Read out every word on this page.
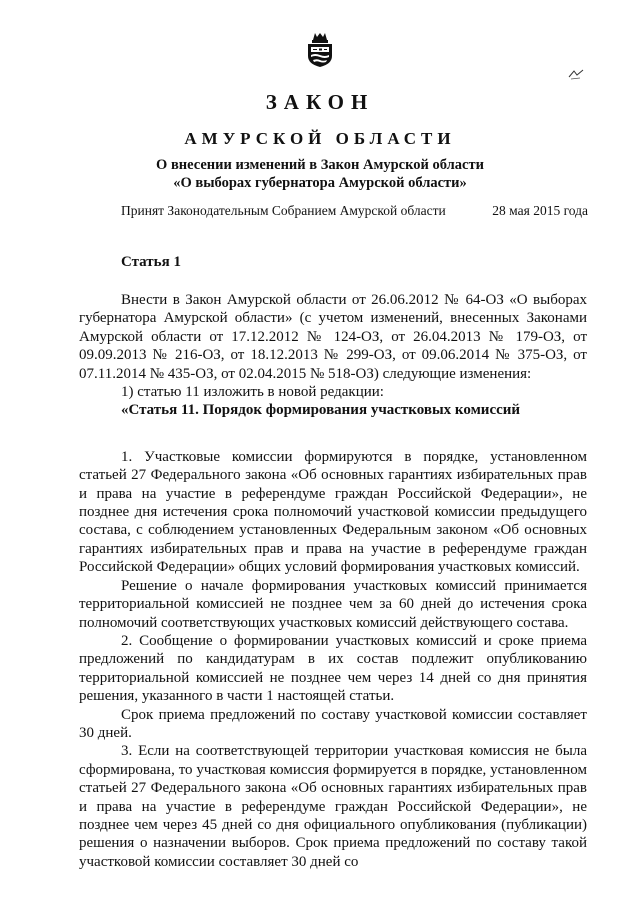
ЗАКОН
АМУРСКОЙ ОБЛАСТИ
О внесении изменений в Закон Амурской области
«О выборах губернатора Амурской области»
Принят Законодательным Собранием Амурской области	28 мая 2015 года
Статья 1

Внести в Закон Амурской области от 26.06.2012 № 64-ОЗ «О выборах губернатора Амурской области» (с учетом изменений, внесенных Законами Амурской области от 17.12.2012 № 124-ОЗ, от 26.04.2013 № 179-ОЗ, от 09.09.2013 № 216-ОЗ, от 18.12.2013 № 299-ОЗ, от 09.06.2014 № 375-ОЗ, от 07.11.2014 № 435-ОЗ, от 02.04.2015 № 518-ОЗ) следующие изменения:

1) статью 11 изложить в новой редакции:

«Статья 11. Порядок формирования участковых комиссий

1. Участковые комиссии формируются в порядке, установленном статьей 27 Федерального закона «Об основных гарантиях избирательных прав и права на участие в референдуме граждан Российской Федерации», не позднее дня истечения срока полномочий участковой комиссии предыдущего состава, с соблюдением установленных Федеральным законом «Об основных гарантиях избирательных прав и права на участие в референдуме граждан Российской Федерации» общих условий формирования участковых комиссий.

Решение о начале формирования участковых комиссий принимается территориальной комиссией не позднее чем за 60 дней до истечения срока полномочий соответствующих участковых комиссий действующего состава.

2. Сообщение о формировании участковых комиссий и сроке приема предложений по кандидатурам в их состав подлежит опубликованию территориальной комиссией не позднее чем через 14 дней со дня принятия решения, указанного в части 1 настоящей статьи.

Срок приема предложений по составу участковой комиссии составляет 30 дней.

3. Если на соответствующей территории участковая комиссия не была сформирована, то участковая комиссия формируется в порядке, установленном статьей 27 Федерального закона «Об основных гарантиях избирательных прав и права на участие в референдуме граждан Российской Федерации», не позднее чем через 45 дней со дня официального опубликования (публикации) решения о назначении выборов. Срок приема предложений по составу такой участковой комиссии составляет 30 дней со
